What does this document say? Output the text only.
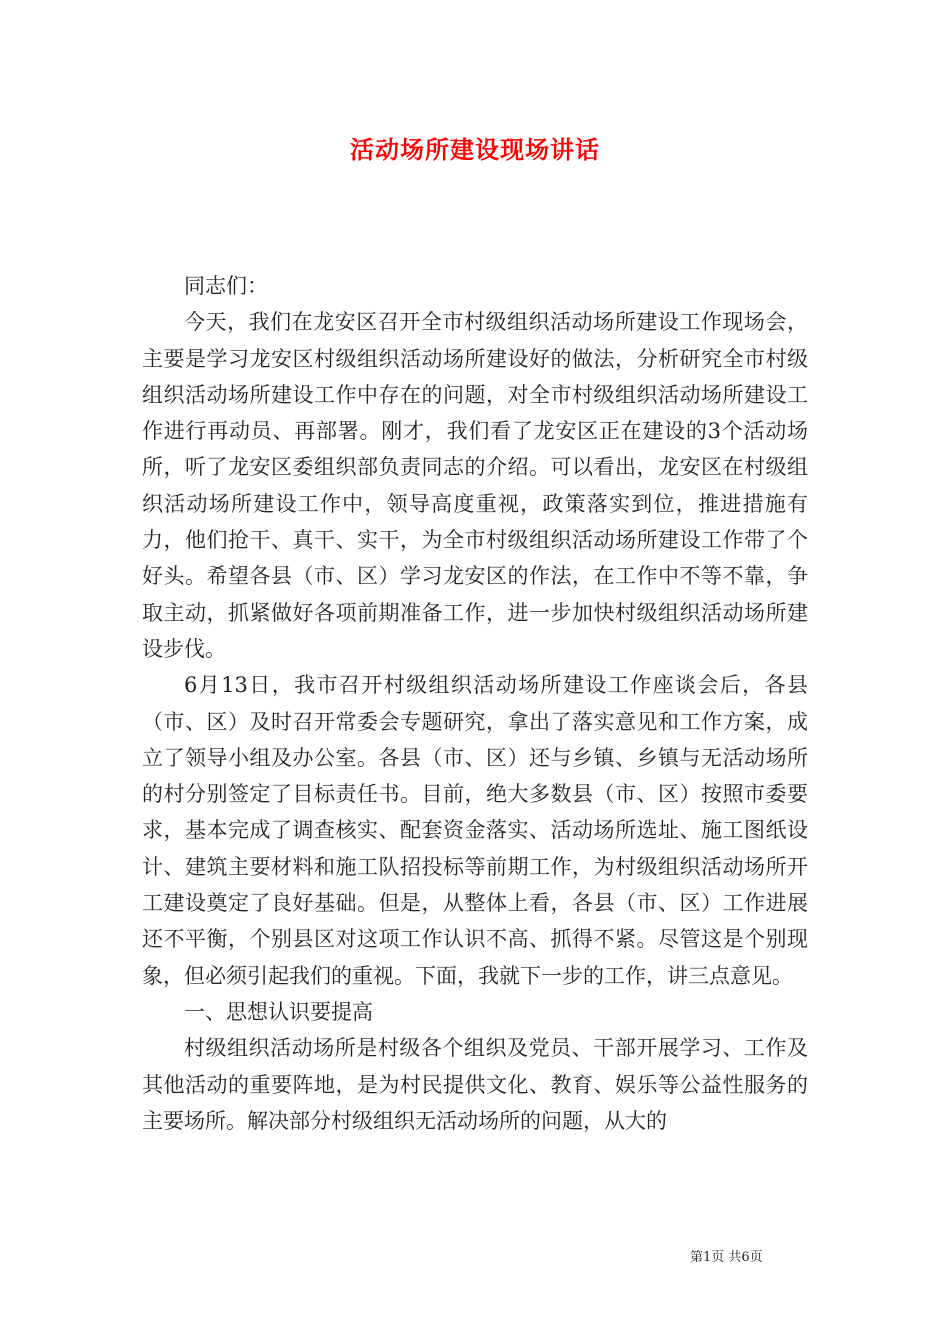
活动场所建设现场讲话

同志们：

今天，我们在龙安区召开全市村级组织活动场所建设工作现场会，主要是学习龙安区村级组织活动场所建设好的做法，分析研究全市村级组织活动场所建设工作中存在的问题，对全市村级组织活动场所建设工作进行再动员、再部署。刚才，我们看了龙安区正在建设的3个活动场所，听了龙安区委组织部负责同志的介绍。可以看出，龙安区在村级组织活动场所建设工作中，领导高度重视，政策落实到位，推进措施有力，他们抢干、真干、实干，为全市村级组织活动场所建设工作带了个好头。希望各县（市、区）学习龙安区的作法，在工作中不等不靠，争取主动，抓紧做好各项前期准备工作，进一步加快村级组织活动场所建设步伐。

6月13日，我市召开村级组织活动场所建设工作座谈会后，各县（市、区）及时召开常委会专题研究，拿出了落实意见和工作方案，成立了领导小组及办公室。各县（市、区）还与乡镇、乡镇与无活动场所的村分别签定了目标责任书。目前，绝大多数县（市、区）按照市委要求，基本完成了调查核实、配套资金落实、活动场所选址、施工图纸设计、建筑主要材料和施工队招投标等前期工作，为村级组织活动场所开工建设奠定了良好基础。但是，从整体上看，各县（市、区）工作进展还不平衡，个别县区对这项工作认识不高、抓得不紧。尽管这是个别现象，但必须引起我们的重视。下面，我就下一步的工作，讲三点意见。

一、思想认识要提高

村级组织活动场所是村级各个组织及党员、干部开展学习、工作及其他活动的重要阵地，是为村民提供文化、教育、娱乐等公益性服务的主要场所。解决部分村级组织无活动场所的问题，从大的

第1页 共6页
